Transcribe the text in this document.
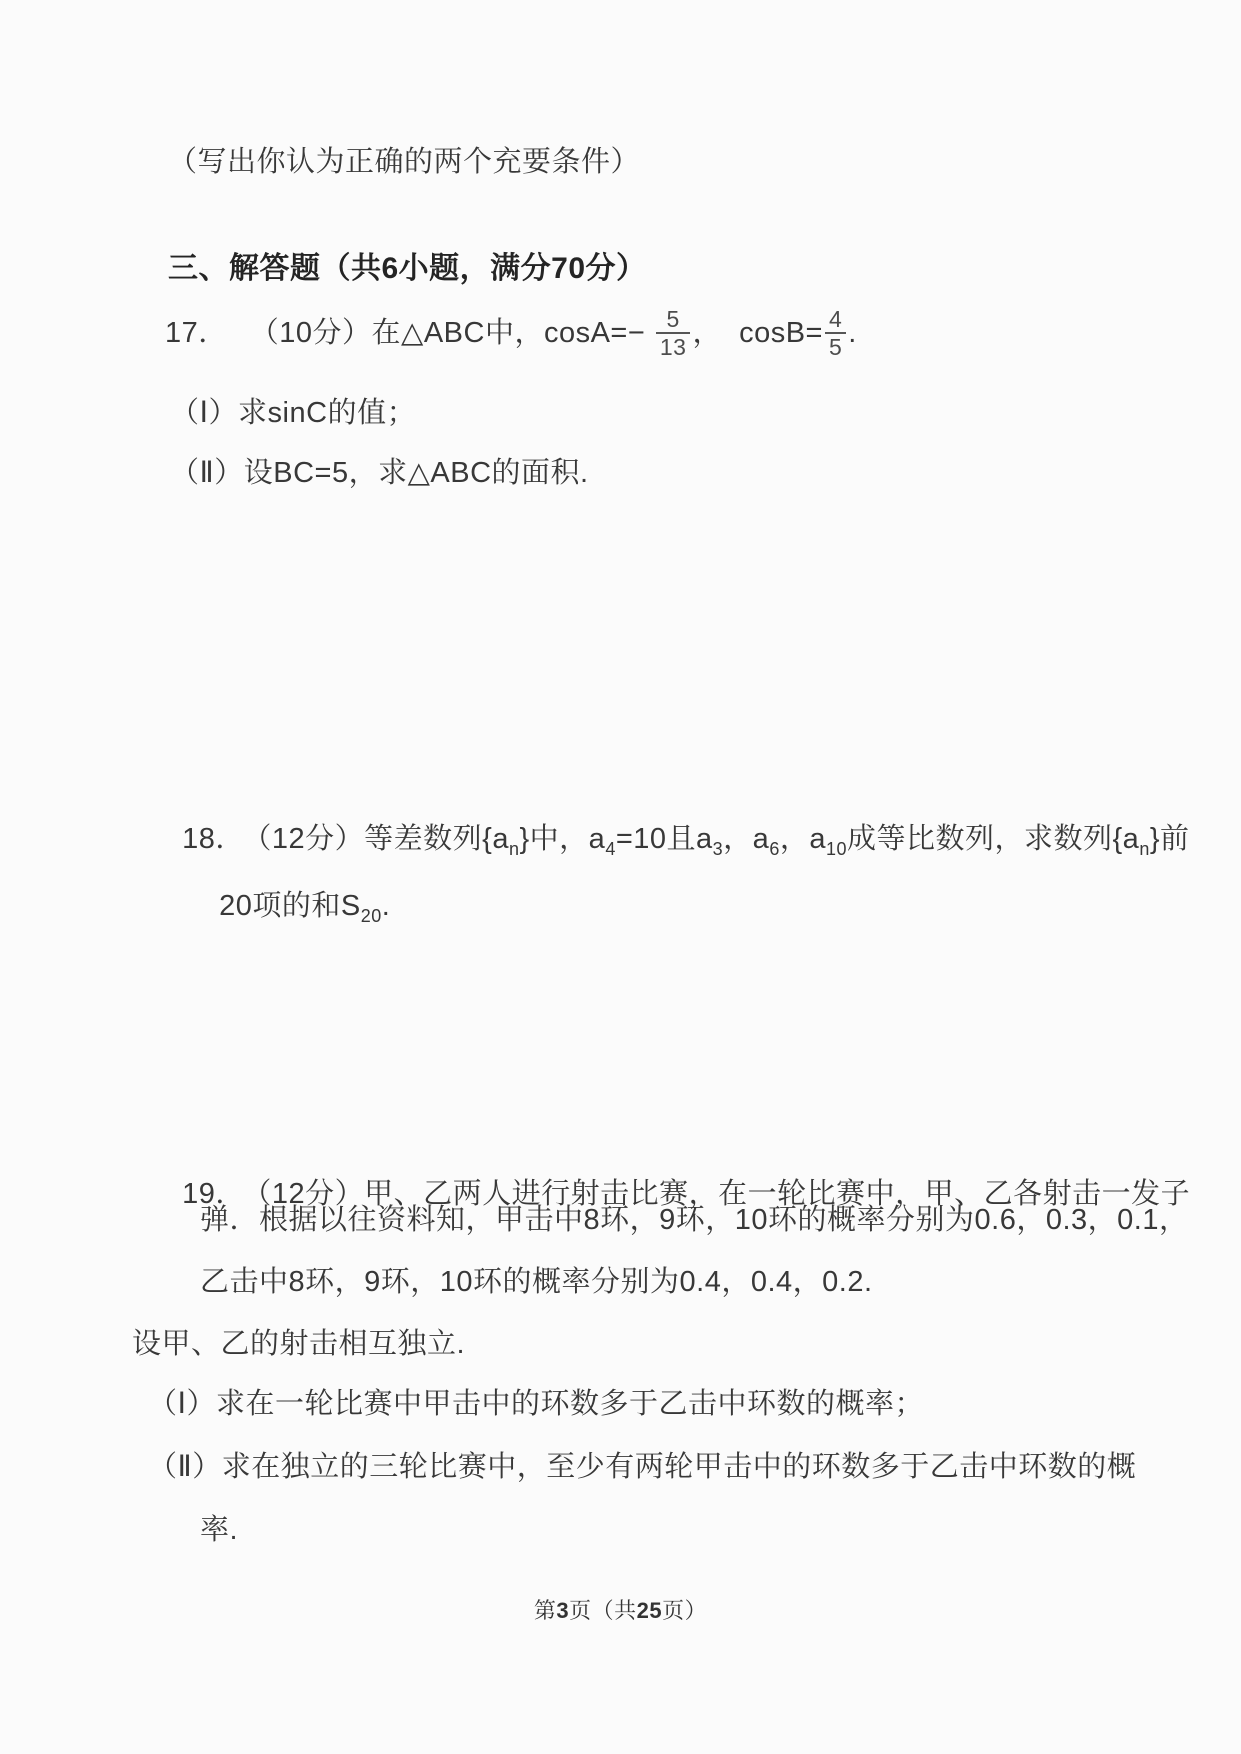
（写出你认为正确的两个充要条件）

三、解答题（共6小题，满分70分）

17． （10分）在△ABC中，$\cos A=- \frac{5}{13}$ ，  $\cos B= \frac{4}{5}$ .

（Ⅰ）求sinC的值；

（Ⅱ）设BC=5，求△ABC的面积.

18． （12分）等差数列$\{a_n\}$中，$a_4=10$且$a_3$，$a_6$，$a_{10}$成等比数列，求数列$\{a_n\}$前

20项的和$S_{20}$.

19． （12分）甲、乙两人进行射击比赛，在一轮比赛中，甲、乙各射击一发子

弹．根据以往资料知，甲击中8环，9环，10环的概率分别为0.6，0.3，0.1，

乙击中8环，9环，10环的概率分别为0.4，0.4，0.2.

设甲、乙的射击相互独立.

（Ⅰ）求在一轮比赛中甲击中的环数多于乙击中环数的概率；

（Ⅱ）求在独立的三轮比赛中，至少有两轮甲击中的环数多于乙击中环数的概

率.

第3页（共25页）
